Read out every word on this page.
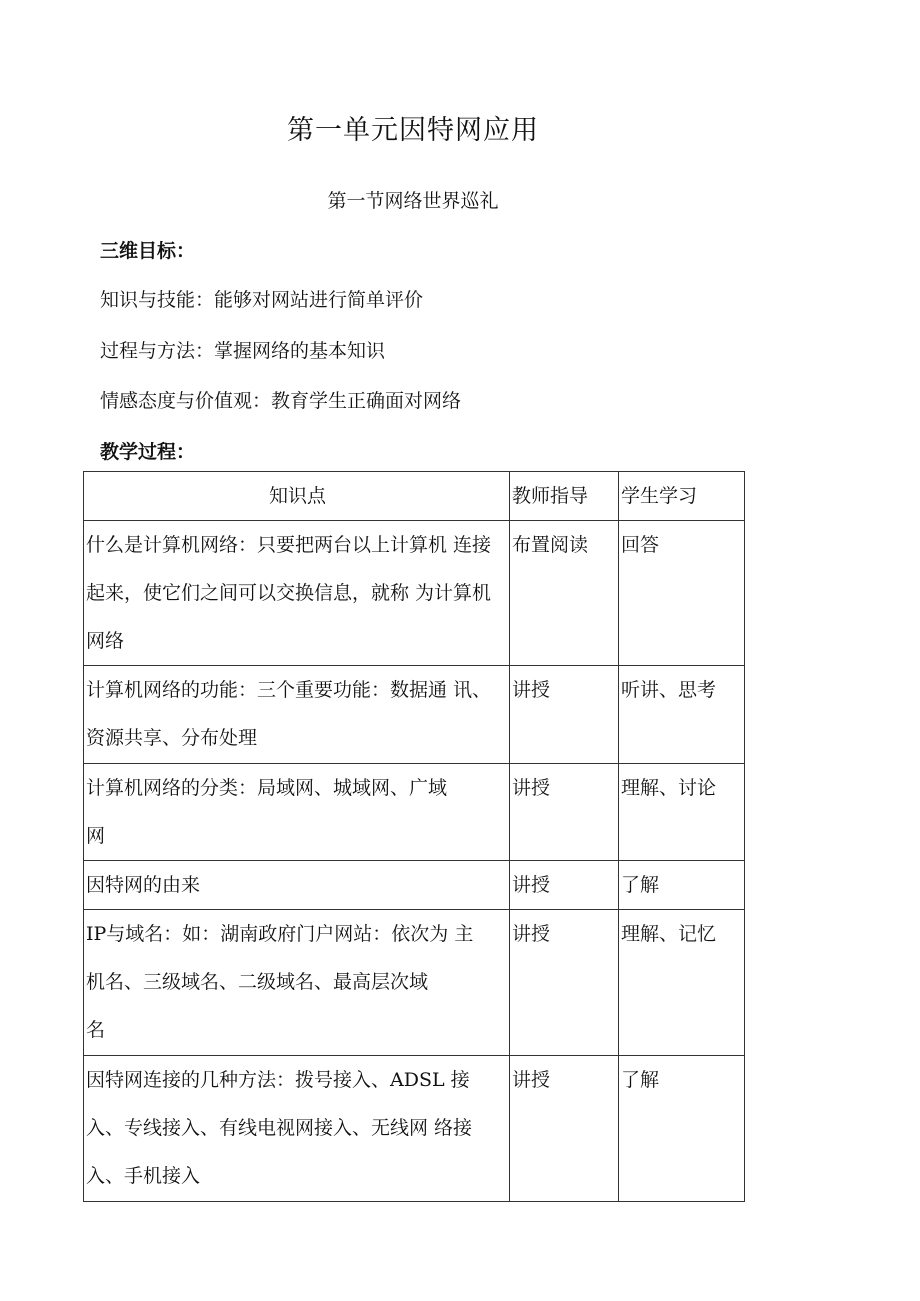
第一单元因特网应用
第一节网络世界巡礼
三维目标：
知识与技能：能够对网站进行简单评价
过程与方法：掌握网络的基本知识
情感态度与价值观：教育学生正确面对网络
教学过程：
知识点	教师指导	学生学习

什么是计算机网络：只要把两台以上计算机 连接
起来，使它们之间可以交换信息，就称 为计算机
网络	布置阅读	回答

计算机网络的功能：三个重要功能：数据通 讯、
资源共享、分布处理	讲授	听讲、思考

计算机网络的分类：局域网、城域网、广域
网	讲授	理解、讨论

因特网的由来	讲授	了解

IP与域名：如：湖南政府门户网站：依次为 主
机名、三级域名、二级域名、最高层次域
名	讲授	理解、记忆

因特网连接的几种方法：拨号接入、ADSL 接
入、专线接入、有线电视网接入、无线网 络接
入、手机接入	讲授	了解
